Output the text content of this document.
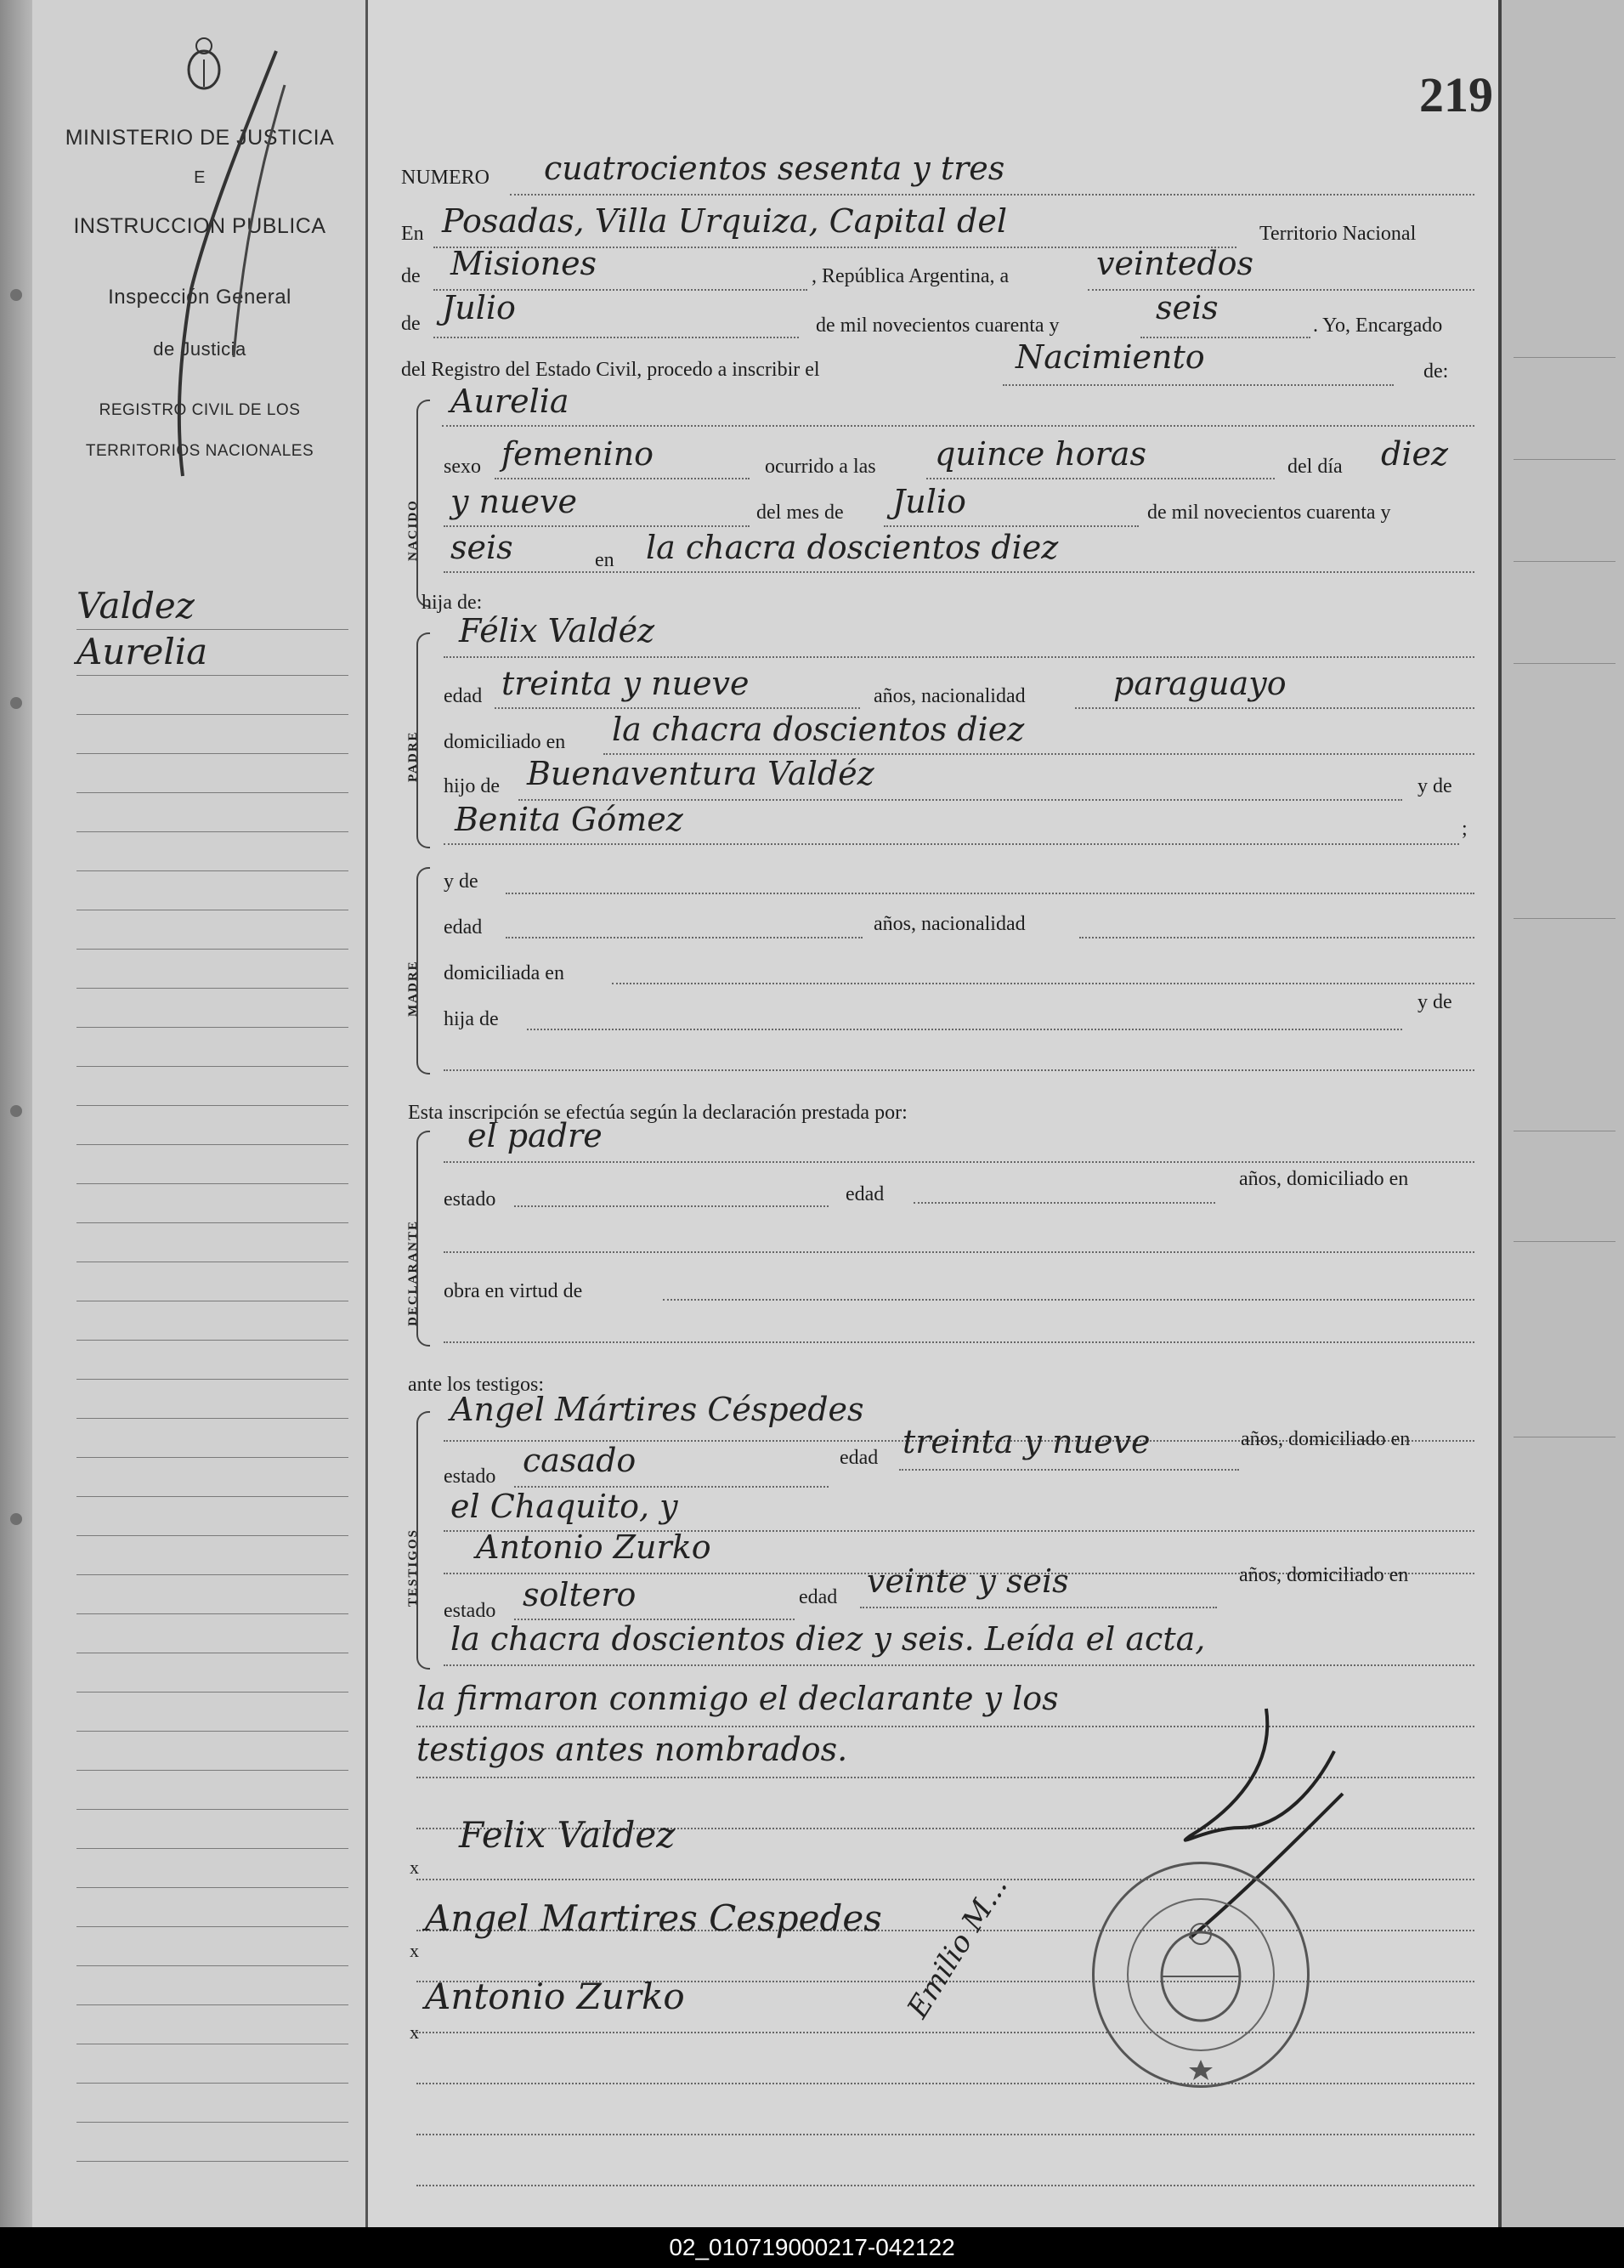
MINISTERIO DE JUSTICIA
E
INSTRUCCION PUBLICA
Inspección General
de Justicia
REGISTRO CIVIL DE LOS
TERRITORIOS NACIONALES
Valdez
Aurelia
219
NUMERO cuatrocientos sesenta y tres
En Posadas, Villa Urquiza, Capital del	Territorio Nacional
de Misiones	, República Argentina, a	veintedos
de Julio	de mil novecientos cuarenta y	seis	. Yo, Encargado
del Registro del Estado Civil, procedo a inscribir el	Nacimiento	de:
Aurelia
NACIDO
sexo femenino	ocurrido a las quince horas	del día diez
y nueve	del mes de Julio	de mil novecientos cuarenta y
seis	en la chacra doscientos diez
hija de:
PADRE
Félix Valdéz
edad treinta y nueve	años, nacionalidad	paraguayo
domiciliado en la chacra doscientos diez
hijo de Buenaventura Valdéz	y de
Benita Gómez	;
MADRE
y de
edad	años, nacionalidad
domiciliada en
hija de
y de
Esta inscripción se efectúa según la declaración prestada por:
DECLARANTE
el padre
estado	edad
años, domiciliado en
obra en virtud de
ante los testigos:
TESTIGOS
Angel Mártires Céspedes
estado casado	edad treinta y nueve	años, domiciliado en
el Chaquito, y
Antonio Zurko
estado soltero	edad veinte y seis	años, domiciliado en
la chacra doscientos diez y seis. Leída el acta,
la firmaron conmigo el declarante y los
testigos antes nombrados.
x
Felix Valdez
x
Angel Martires Cespedes
x
Antonio Zurko	Emilio M...
02_010719000217-042122
